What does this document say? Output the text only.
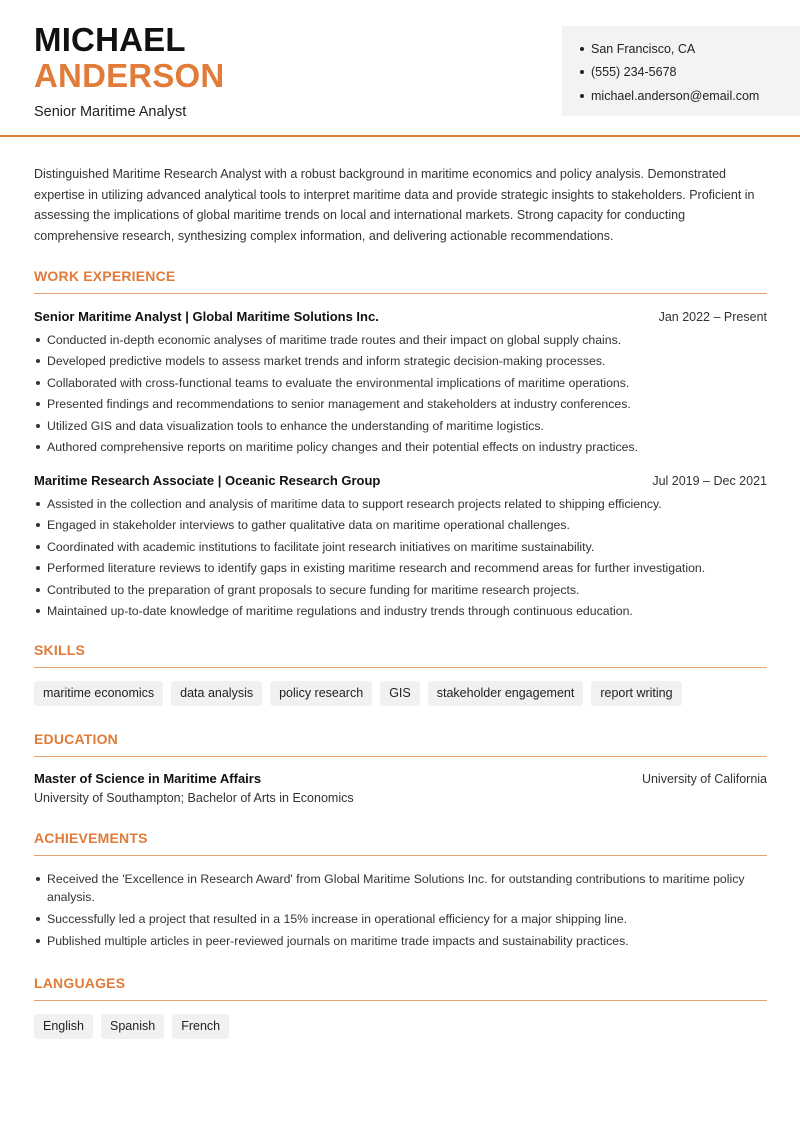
MICHAEL
ANDERSON
Senior Maritime Analyst
San Francisco, CA
(555) 234-5678
michael.anderson@email.com

Distinguished Maritime Research Analyst with a robust background in maritime economics and policy analysis. Demonstrated expertise in utilizing advanced analytical tools to interpret maritime data and provide strategic insights to stakeholders. Proficient in assessing the implications of global maritime trends on local and international markets. Strong capacity for conducting comprehensive research, synthesizing complex information, and delivering actionable recommendations.

WORK EXPERIENCE
Senior Maritime Analyst | Global Maritime Solutions Inc.	Jan 2022 – Present
Conducted in-depth economic analyses of maritime trade routes and their impact on global supply chains.
Developed predictive models to assess market trends and inform strategic decision-making processes.
Collaborated with cross-functional teams to evaluate the environmental implications of maritime operations.
Presented findings and recommendations to senior management and stakeholders at industry conferences.
Utilized GIS and data visualization tools to enhance the understanding of maritime logistics.
Authored comprehensive reports on maritime policy changes and their potential effects on industry practices.
Maritime Research Associate | Oceanic Research Group	Jul 2019 – Dec 2021
Assisted in the collection and analysis of maritime data to support research projects related to shipping efficiency.
Engaged in stakeholder interviews to gather qualitative data on maritime operational challenges.
Coordinated with academic institutions to facilitate joint research initiatives on maritime sustainability.
Performed literature reviews to identify gaps in existing maritime research and recommend areas for further investigation.
Contributed to the preparation of grant proposals to secure funding for maritime research projects.
Maintained up-to-date knowledge of maritime regulations and industry trends through continuous education.
SKILLS
maritime economics	data analysis	policy research	GIS	stakeholder engagement	report writing
EDUCATION
Master of Science in Maritime Affairs	University of California
University of Southampton; Bachelor of Arts in Economics
ACHIEVEMENTS
Received the 'Excellence in Research Award' from Global Maritime Solutions Inc. for outstanding contributions to maritime policy analysis.
Successfully led a project that resulted in a 15% increase in operational efficiency for a major shipping line.
Published multiple articles in peer-reviewed journals on maritime trade impacts and sustainability practices.
LANGUAGES
English	Spanish	French
